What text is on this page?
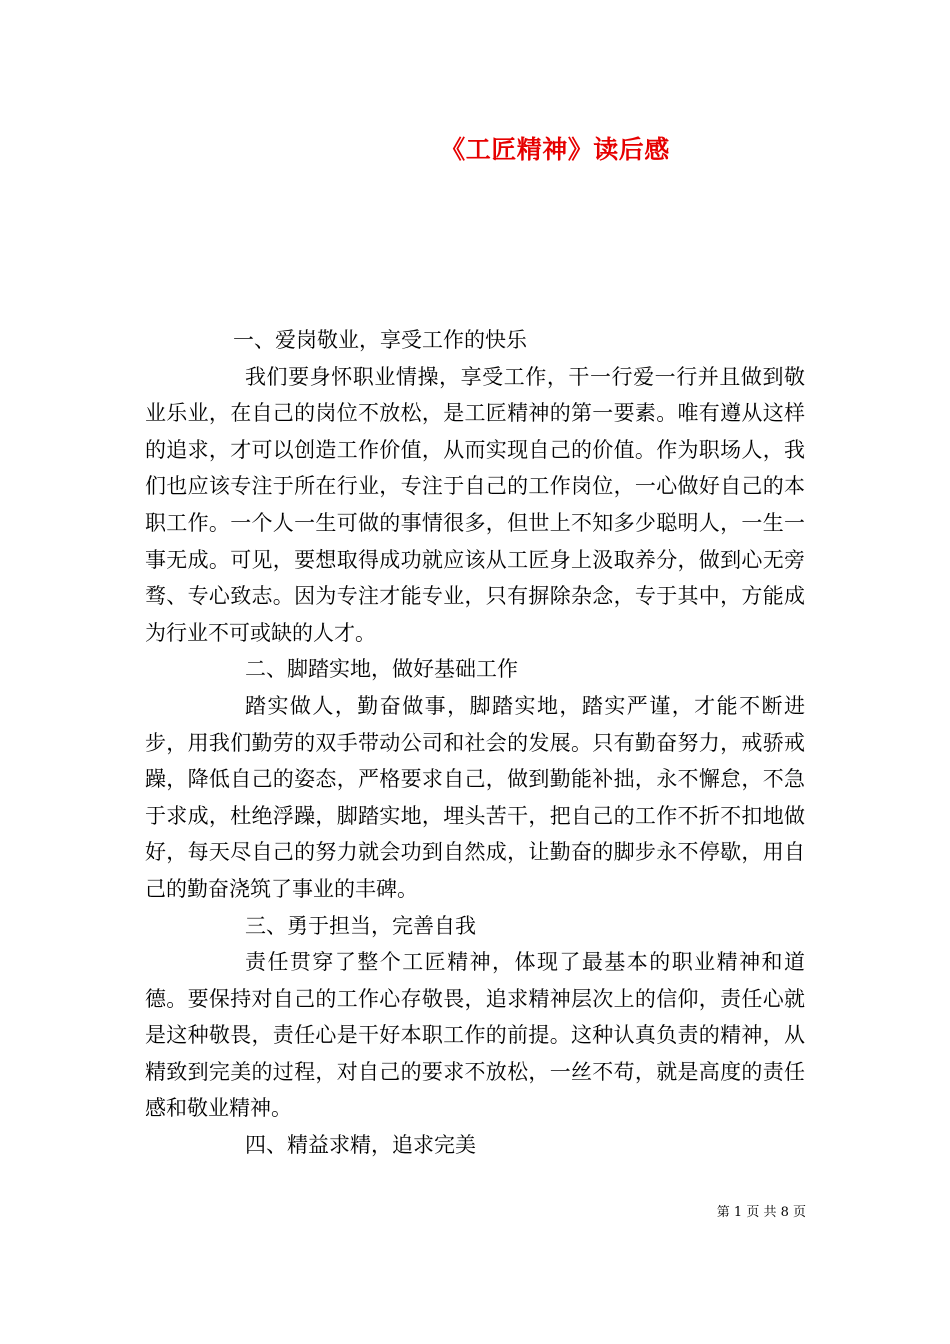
《工匠精神》读后感

一、爱岗敬业，享受工作的快乐

我们要身怀职业情操，享受工作，干一行爱一行并且做到敬业乐业，在自己的岗位不放松，是工匠精神的第一要素。唯有遵从这样的追求，才可以创造工作价值，从而实现自己的价值。作为职场人，我们也应该专注于所在行业，专注于自己的工作岗位，一心做好自己的本职工作。一个人一生可做的事情很多，但世上不知多少聪明人，一生一事无成。可见，要想取得成功就应该从工匠身上汲取养分，做到心无旁骛、专心致志。因为专注才能专业，只有摒除杂念，专于其中，方能成为行业不可或缺的人才。

二、脚踏实地，做好基础工作

踏实做人，勤奋做事，脚踏实地，踏实严谨，才能不断进步，用我们勤劳的双手带动公司和社会的发展。只有勤奋努力，戒骄戒躁，降低自己的姿态，严格要求自己，做到勤能补拙，永不懈怠，不急于求成，杜绝浮躁，脚踏实地，埋头苦干，把自己的工作不折不扣地做好，每天尽自己的努力就会功到自然成，让勤奋的脚步永不停歇，用自己的勤奋浇筑了事业的丰碑。

三、勇于担当，完善自我

责任贯穿了整个工匠精神，体现了最基本的职业精神和道德。要保持对自己的工作心存敬畏，追求精神层次上的信仰，责任心就是这种敬畏，责任心是干好本职工作的前提。这种认真负责的精神，从精致到完美的过程，对自己的要求不放松，一丝不苟，就是高度的责任感和敬业精神。

四、精益求精，追求完美

第 1 页 共 8 页
